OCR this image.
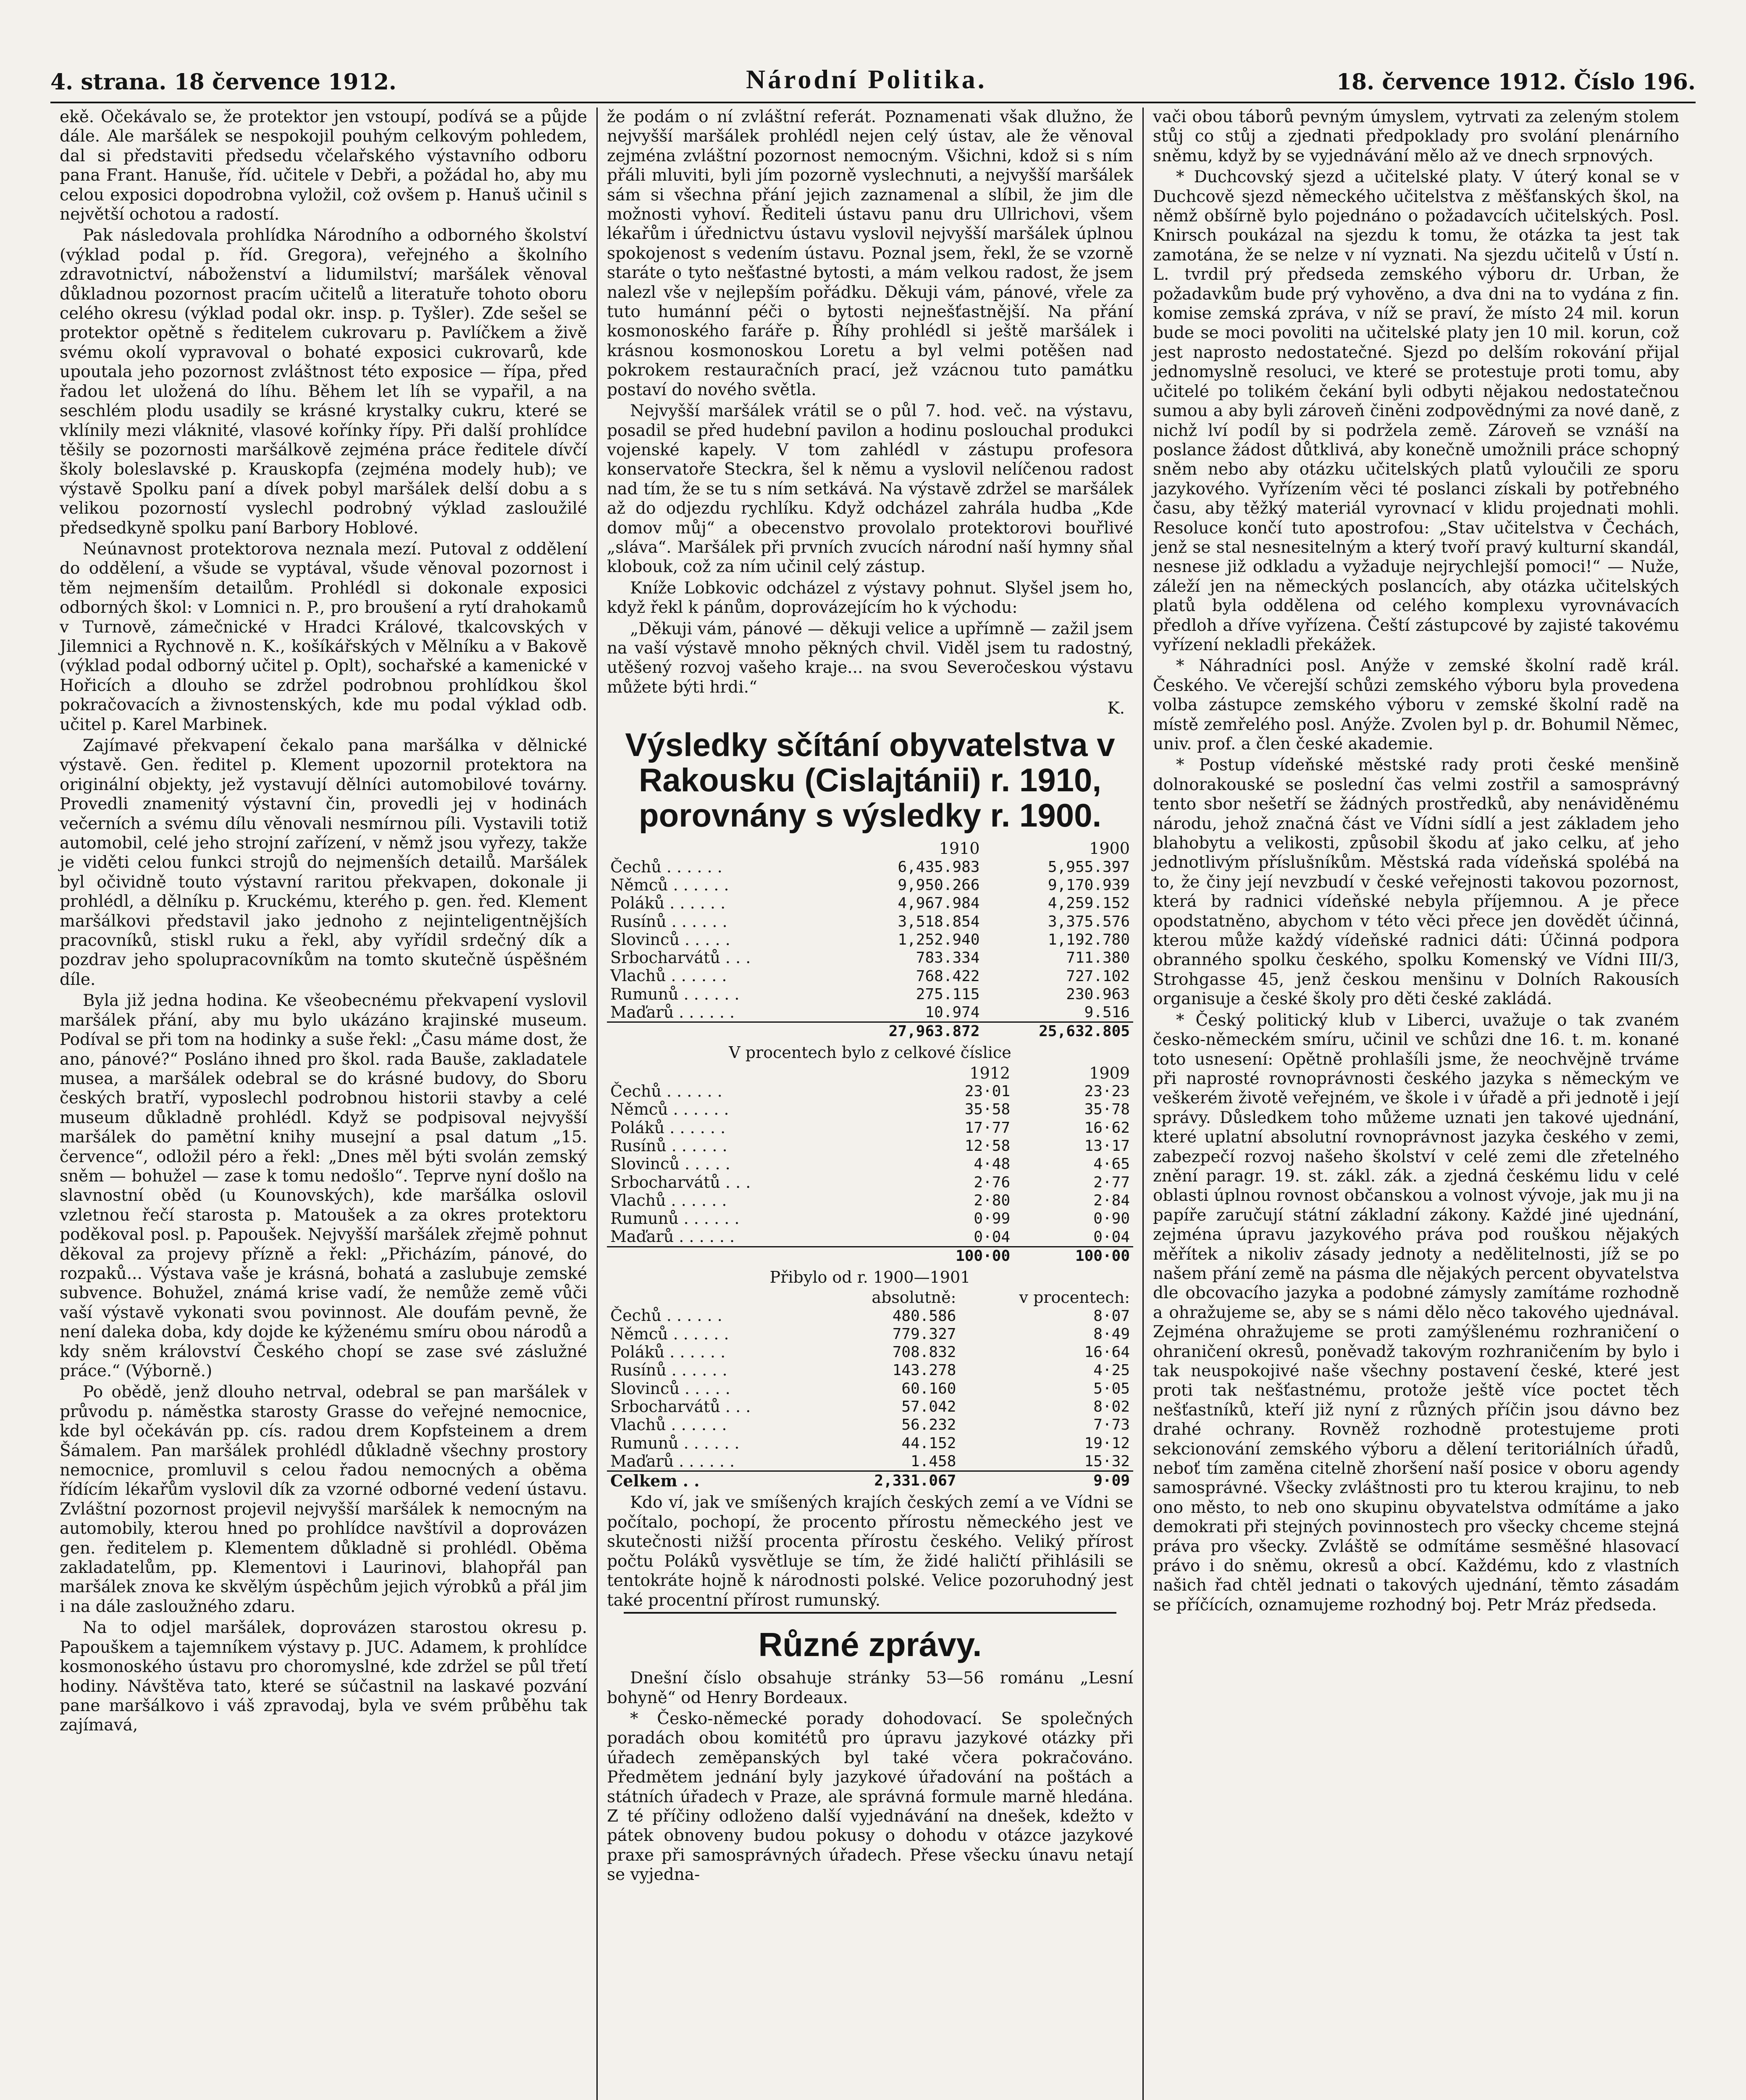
4. strana. 18 července 1912.	Národní Politika.	18. července 1912. Číslo 196.

ekě. Očekávalo se, že protektor jen vstoupí, podívá se a půjde dále. Ale maršálek se nespokojil pouhým celkovým pohledem, dal si představiti předsedu včelařského výstavního odboru pana Frant. Hanuše, říd. učitele v Debři, a požádal ho, aby mu celou exposici dopodrobna vyložil, což ovšem p. Hanuš učinil s největší ochotou a radostí.

Pak následovala prohlídka Národního a odborného školství (výklad podal p. říd. Gregora), veřejného a školního zdravotnictví, náboženství a lidumilství; maršálek věnoval důkladnou pozornost pracím učitelů a literatuře tohoto oboru celého okresu (výklad podal okr. insp. p. Tyšler). Zde sešel se protektor opětně s ředitelem cukrovaru p. Pavlíčkem a živě svému okolí vypravoval o bohaté exposici cukrovarů, kde upoutala jeho pozornost zvláštnost této exposice — řípa, před řadou let uložená do líhu. Během let líh se vypařil, a na seschlém plodu usadily se krásné krystalky cukru, které se vklínily mezi vláknité, vlasové kořínky řípy. Při další prohlídce těšily se pozornosti maršálkově zejména práce ředitele dívčí školy boleslavské p. Krauskopfa (zejména modely hub); ve výstavě Spolku paní a dívek pobyl maršálek delší dobu a s velikou pozorností vyslechl podrobný výklad zasloužilé předsedkyně spolku paní Barbory Hoblové.

Neúnavnost protektorova neznala mezí. Putoval z oddělení do oddělení, a všude se vyptával, všude věnoval pozornost i těm nejmenším detailům. Prohlédl si dokonale exposici odborných škol: v Lomnici n. P., pro broušení a rytí drahokamů v Turnově, zámečnické v Hradci Králové, tkalcovských v Jilemnici a Rychnově n. K., košíkářských v Mělníku a v Bakově (výklad podal odborný učitel p. Oplt), sochařské a kamenické v Hořicích a dlouho se zdržel podrobnou prohlídkou škol pokračovacích a živnostenských, kde mu podal výklad odb. učitel p. Karel Marbinek.

Zajímavé překvapení čekalo pana maršálka v dělnické výstavě. Gen. ředitel p. Klement upozornil protektora na originální objekty, jež vystavují dělníci automobilové továrny. Provedli znamenitý výstavní čin, provedli jej v hodinách večerních a svému dílu věnovali nesmírnou píli. Vystavili totiž automobil, celé jeho strojní zařízení, v němž jsou vyřezy, takže je viděti celou funkci strojů do nejmenších detailů. Maršálek byl očividně touto výstavní raritou překvapen, dokonale ji prohlédl, a dělníku p. Kruckému, kterého p. gen. řed. Klement maršálkovi představil jako jednoho z nejinteligentnějších pracovníků, stiskl ruku a řekl, aby vyřídil srdečný dík a pozdrav jeho spolupracovníkům na tomto skutečně úspěšném díle.

Byla již jedna hodina. Ke všeobecnému překvapení vyslovil maršálek přání, aby mu bylo ukázáno krajinské museum. Podíval se při tom na hodinky a suše řekl: „Času máme dost, že ano, pánové?“ Posláno ihned pro škol. rada Bauše, zakladatele musea, a maršálek odebral se do krásné budovy, do Sboru českých bratří, vyposlechl podrobnou historii stavby a celé museum důkladně prohlédl. Když se podpisoval nejvyšší maršálek do pamětní knihy musejní a psal datum „15. července“, odložil péro a řekl: „Dnes měl býti svolán zemský sněm — bohužel — zase k tomu nedošlo“. Teprve nyní došlo na slavnostní oběd (u Kounovských), kde maršálka oslovil vzletnou řečí starosta p. Matoušek a za okres protektoru poděkoval posl. p. Papoušek. Nejvyšší maršálek zřejmě pohnut děkoval za projevy přízně a řekl: „Přicházím, pánové, do rozpaků... Výstava vaše je krásná, bohatá a zaslubuje zemské subvence. Bohužel, známá krise vadí, že nemůže země vůči vaší výstavě vykonati svou povinnost. Ale doufám pevně, že není daleka doba, kdy dojde ke kýženému smíru obou národů a kdy sněm království Českého chopí se zase své záslužné práce.“ (Výborně.)

Po obědě, jenž dlouho netrval, odebral se pan maršálek v průvodu p. náměstka starosty Grasse do veřejné nemocnice, kde byl očekáván pp. cís. radou drem Kopfsteinem a drem Šámalem. Pan maršálek prohlédl důkladně všechny prostory nemocnice, promluvil s celou řadou nemocných a oběma řídícím lékařům vyslovil dík za vzorné odborné vedení ústavu. Zvláštní pozornost projevil nejvyšší maršálek k nemocným na automobily, kterou hned po prohlídce navštívil a doprovázen gen. ředitelem p. Klementem důkladně si prohlédl. Oběma zakladatelům, pp. Klementovi i Laurinovi, blahopřál pan maršálek znova ke skvělým úspěchům jejich výrobků a přál jim i na dále zasloužného zdaru.

Na to odjel maršálek, doprovázen starostou okresu p. Papouškem a tajemníkem výstavy p. JUC. Adamem, k prohlídce kosmonoského ústavu pro choromyslné, kde zdržel se půl třetí hodiny. Návštěva tato, které se súčastnil na laskavé pozvání pane maršálkovo i váš zpravodaj, byla ve svém průběhu tak zajímavá,

že podám o ní zvláštní referát. Poznamenati však dlužno, že nejvyšší maršálek prohlédl nejen celý ústav, ale že věnoval zejména zvláštní pozornost nemocným. Všichni, kdož si s ním přáli mluviti, byli jím pozorně vyslechnuti, a nejvyšší maršálek sám si všechna přání jejich zaznamenal a slíbil, že jim dle možnosti vyhoví. Řediteli ústavu panu dru Ullrichovi, všem lékařům i úřednictvu ústavu vyslovil nejvyšší maršálek úplnou spokojenost s vedením ústavu. Poznal jsem, řekl, že se vzorně staráte o tyto nešťastné bytosti, a mám velkou radost, že jsem nalezl vše v nejlepším pořádku. Děkuji vám, pánové, vřele za tuto humánní péči o bytosti nejnešťastnější. Na přání kosmonoského faráře p. Říhy prohlédl si ještě maršálek i krásnou kosmonoskou Loretu a byl velmi potěšen nad pokrokem restauračních prací, jež vzácnou tuto památku postaví do nového světla.

Nejvyšší maršálek vrátil se o půl 7. hod. več. na výstavu, posadil se před hudební pavilon a hodinu poslouchal produkci vojenské kapely. V tom zahlédl v zástupu profesora konservatoře Steckra, šel k němu a vyslovil nelíčenou radost nad tím, že se tu s ním setkává. Na výstavě zdržel se maršálek až do odjezdu rychlíku. Když odcházel zahrála hudba „Kde domov můj“ a obecenstvo provolalo protektorovi bouřlivé „sláva“. Maršálek při prvních zvucích národní naší hymny sňal klobouk, což za ním učinil celý zástup.

Kníže Lobkovic odcházel z výstavy pohnut. Slyšel jsem ho, když řekl k pánům, doprovázejícím ho k východu:

„Děkuji vám, pánové — děkuji velice a upřímně — zažil jsem na vaší výstavě mnoho pěkných chvil. Viděl jsem tu radostný, utěšený rozvoj vašeho kraje... na svou Severočeskou výstavu můžete býti hrdi.“

K.
Výsledky sčítání obyvatelstva v Rakousku (Cislajtánii) r. 1910, porovnány s výsledky r. 1900.
	1910	1900
Čechů . . . . . .	6,435.983	5,955.397
Němců . . . . . .	9,950.266	9,170.939
Poláků . . . . . .	4,967.984	4,259.152
Rusínů . . . . . .	3,518.854	3,375.576
Slovinců . . . . .	1,252.940	1,192.780
Srbocharvátů . . .	783.334	711.380
Vlachů . . . . . .	768.422	727.102
Rumunů . . . . . .	275.115	230.963
Maďarů . . . . . .	10.974	9.516
	27,963.872	25,632.805
V procentech bylo z celkové číslice
	1912	1909
Čechů . . . . . .	23·01	23·23
Němců . . . . . .	35·58	35·78
Poláků . . . . . .	17·77	16·62
Rusínů . . . . . .	12·58	13·17
Slovinců . . . . .	4·48	4·65
Srbocharvátů . . .	2·76	2·77
Vlachů . . . . . .	2·80	2·84
Rumunů . . . . . .	0·99	0·90
Maďarů . . . . . .	0·04	0·04
	100·00	100·00
Přibylo od r. 1900—1901
	absolutně:	v procentech:
Čechů . . . . . .	480.586	8·07
Němců . . . . . .	779.327	8·49
Poláků . . . . . .	708.832	16·64
Rusínů . . . . . .	143.278	4·25
Slovinců . . . . .	60.160	5·05
Srbocharvátů . . .	57.042	8·02
Vlachů . . . . . .	56.232	7·73
Rumunů . . . . . .	44.152	19·12
Maďarů . . . . . .	1.458	15·32
Celkem . .	2,331.067	9·09

Kdo ví, jak ve smíšených krajích českých zemí a ve Vídni se počítalo, pochopí, že procento přírostu německého jest ve skutečnosti nižší procenta přírostu českého. Veliký přírost počtu Poláků vysvětluje se tím, že židé haličtí přihlásili se tentokráte hojně k národnosti polské. Velice pozoruhodný jest také procentní přírost rumunský.

Různé zprávy.

Dnešní číslo obsahuje stránky 53—56 románu „Lesní bohyně“ od Henry Bordeaux.

* Česko-německé porady dohodovací. Se společných poradách obou komitétů pro úpravu jazykové otázky při úřadech zeměpanských byl také včera pokračováno. Předmětem jednání byly jazykové úřadování na poštách a státních úřadech v Praze, ale správná formule marně hledána. Z té příčiny odloženo další vyjednávání na dnešek, kdežto v pátek obnoveny budou pokusy o dohodu v otázce jazykové praxe při samosprávných úřadech. Přese všecku únavu netají se vyjedna-

vači obou táborů pevným úmyslem, vytrvati za zeleným stolem stůj co stůj a zjednati předpoklady pro svolání plenárního sněmu, když by se vyjednávání mělo až ve dnech srpnových.

* Duchcovský sjezd a učitelské platy. V úterý konal se v Duchcově sjezd německého učitelstva z měšťanských škol, na němž obšírně bylo pojednáno o požadavcích učitelských. Posl. Knirsch poukázal na sjezdu k tomu, že otázka ta jest tak zamotána, že se nelze v ní vyznati. Na sjezdu učitelů v Ústí n. L. tvrdil prý předseda zemského výboru dr. Urban, že požadavkům bude prý vyhověno, a dva dni na to vydána z fin. komise zemská zpráva, v níž se praví, že místo 24 mil. korun bude se moci povoliti na učitelské platy jen 10 mil. korun, což jest naprosto nedostatečné. Sjezd po delším rokování přijal jednomyslně resoluci, ve které se protestuje proti tomu, aby učitelé po tolikém čekání byli odbyti nějakou nedostatečnou sumou a aby byli zároveň činěni zodpovědnými za nové daně, z nichž lví podíl by si podržela země. Zároveň se vznáší na poslance žádost důtklivá, aby konečně umožnili práce schopný sněm nebo aby otázku učitelských platů vyloučili ze sporu jazykového. Vyřízením věci té poslanci získali by potřebného času, aby těžký materiál vyrovnací v klidu projednati mohli. Resoluce končí tuto apostrofou: „Stav učitelstva v Čechách, jenž se stal nesnesitelným a který tvoří pravý kulturní skandál, nesnese již odkladu a vyžaduje nejrychlejší pomoci!“ — Nuže, záleží jen na německých poslancích, aby otázka učitelských platů byla oddělena od celého komplexu vyrovnávacích předloh a dříve vyřízena. Čeští zástupcové by zajisté takovému vyřízení nekladli překážek.

* Náhradníci posl. Anýže v zemské školní radě král. Českého. Ve včerejší schůzi zemského výboru byla provedena volba zástupce zemského výboru v zemské školní radě na místě zemřelého posl. Anýže. Zvolen byl p. dr. Bohumil Němec, univ. prof. a člen české akademie.

* Postup vídeňské městské rady proti české menšině dolnorakouské se poslední čas velmi zostřil a samosprávný tento sbor nešetří se žádných prostředků, aby nenáviděnému národu, jehož značná část ve Vídni sídlí a jest základem jeho blahobytu a velikosti, způsobil škodu ať jako celku, ať jeho jednotlivým příslušníkům. Městská rada vídeňská spolébá na to, že činy její nevzbudí v české veřejnosti takovou pozornost, která by radnici vídeňské nebyla příjemnou. A je přece opodstatněno, abychom v této věci přece jen dovědět účinná, kterou může každý vídeňské radnici dáti: Účinná podpora obranného spolku českého, spolku Komenský ve Vídni III/3, Strohgasse 45, jenž českou menšinu v Dolních Rakousích organisuje a české školy pro děti české zakládá.

* Český politický klub v Liberci, uvažuje o tak zvaném česko-německém smíru, učinil ve schůzi dne 16. t. m. konané toto usnesení: Opětně prohlašíli jsme, že neochvějně trváme při naprosté rovnoprávnosti českého jazyka s německým ve veškerém životě veřejném, ve škole i v úřadě a při jednotě i její správy. Důsledkem toho můžeme uznati jen takové ujednání, které uplatní absolutní rovnoprávnost jazyka českého v zemi, zabezpečí rozvoj našeho školství v celé zemi dle zřetelného znění paragr. 19. st. zákl. zák. a zjedná českému lidu v celé oblasti úplnou rovnost občanskou a volnost vývoje, jak mu ji na papíře zaručují státní základní zákony. Každé jiné ujednání, zejména úpravu jazykového práva pod rouškou nějakých měřítek a nikoliv zásady jednoty a nedělitelnosti, jíž se po našem přání země na pásma dle nějakých percent obyvatelstva dle obcovacího jazyka a podobné zámysly zamítáme rozhodně a ohražujeme se, aby se s námi dělo něco takového ujednával. Zejména ohražujeme se proti zamýšlenému rozhraničení o ohraničení okresů, poněvadž takovým rozhraničením by bylo i tak neuspokojivé naše všechny postavení české, které jest proti tak nešťastnému, protože ještě více poctet těch nešťastníků, kteří již nyní z různých příčin jsou dávno bez drahé ochrany. Rovněž rozhodně protestujeme proti sekcionování zemského výboru a dělení teritoriálních úřadů, neboť tím zaměna citelně zhoršení naší posice v oboru agendy samosprávné. Všecky zvláštnosti pro tu kterou krajinu, to neb ono město, to neb ono skupinu obyvatelstva odmítáme a jako demokrati při stejných povinnostech pro všecky chceme stejná práva pro všecky. Zvláště se odmítáme sesměšné hlasovací právo i do sněmu, okresů a obcí. Každému, kdo z vlastních našich řad chtěl jednati o takových ujednání, těmto zásadám se příčících, oznamujeme rozhodný boj. Petr Mráz předseda.
